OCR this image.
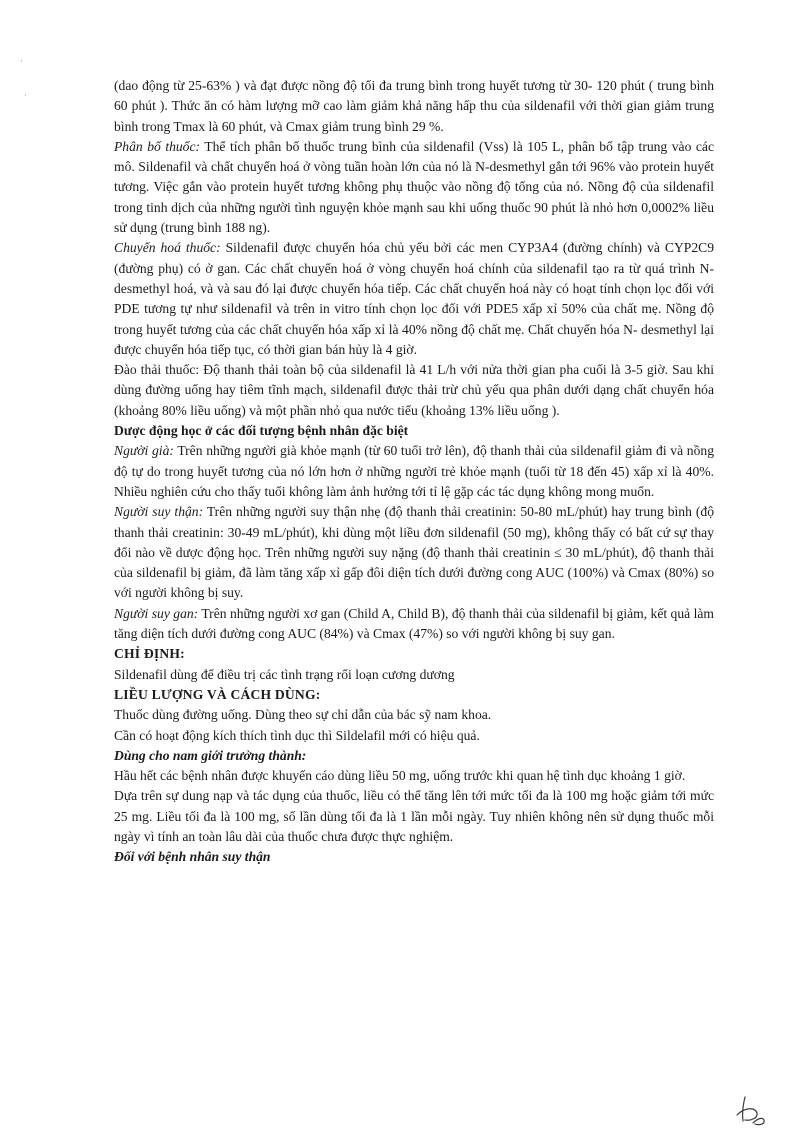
·
·

(dao động từ 25-63% ) và đạt được nồng độ tối đa trung bình trong huyết tương từ 30- 120 phút ( trung bình 60 phút ). Thức ăn có hàm lượng mỡ cao làm giảm khả năng hấp thu của sildenafil với thời gian giảm trung bình trong Tmax là 60 phút, và Cmax giảm trung bình 29 %.

Phân bố thuốc: Thể tích phân bố thuốc trung bình của sildenafil (Vss) là 105 L, phân bố tập trung vào các mô. Sildenafil và chất chuyển hoá ở vòng tuần hoàn lớn của nó là N-desmethyl gắn tới 96% vào protein huyết tương. Việc gắn vào protein huyết tương không phụ thuộc vào nồng độ tổng của nó. Nồng độ của sildenafil trong tinh dịch của những người tình nguyện khỏe mạnh sau khi uống thuốc 90 phút là nhỏ hơn 0,0002% liều sử dụng (trung bình 188 ng).

Chuyển hoá thuốc: Sildenafil được chuyển hóa chủ yếu bởi các men CYP3A4 (đường chính) và CYP2C9 (đường phụ) có ở gan. Các chất chuyển hoá ở vòng chuyển hoá chính của sildenafil tạo ra từ quá trình N-desmethyl hoá, và và sau đó lại được chuyển hóa tiếp. Các chất chuyển hoá này có hoạt tính chọn lọc đối với PDE tương tự như sildenafil và trên in vitro tính chọn lọc đối với PDE5 xấp xỉ 50% của chất mẹ. Nồng độ trong huyết tương của các chất chuyển hóa xấp xỉ là 40% nồng độ chất mẹ. Chất chuyển hóa N- desmethyl lại được chuyển hóa tiếp tục, có thời gian bán hủy là 4 giờ.

Đào thải thuốc: Độ thanh thải toàn bộ của sildenafil là 41 L/h với nửa thời gian pha cuối là 3-5 giờ. Sau khi dùng đường uống hay tiêm tĩnh mạch, sildenafil được thải trừ chủ yếu qua phân dưới dạng chất chuyển hóa (khoảng 80% liều uống) và một phần nhỏ qua nước tiểu (khoảng 13% liều uống ).

Dược động học ở các đối tượng bệnh nhân đặc biệt

Người già: Trên những người già khỏe mạnh (từ 60 tuổi trở lên), độ thanh thải của sildenafil giảm đi và nồng độ tự do trong huyết tương của nó lớn hơn ở những người trẻ khỏe mạnh (tuổi từ 18 đến 45) xấp xỉ là 40%. Nhiều nghiên cứu cho thấy tuổi không làm ảnh hưởng tới tỉ lệ gặp các tác dụng không mong muốn.

Người suy thận: Trên những người suy thận nhẹ (độ thanh thải creatinin: 50-80 mL/phút) hay trung bình (độ thanh thải creatinin: 30-49 mL/phút), khi dùng một liều đơn sildenafil (50 mg), không thấy có bất cứ sự thay đổi nào về dược động học. Trên những người suy nặng (độ thanh thải creatinin ≤ 30 mL/phút), độ thanh thải của sildenafil bị giảm, đã làm tăng xấp xỉ gấp đôi diện tích dưới đường cong AUC (100%) và Cmax (80%) so với người không bị suy.

Người suy gan: Trên những người xơ gan (Child A, Child B), độ thanh thải của sildenafil bị giảm, kết quả làm tăng diện tích dưới đường cong AUC (84%) và Cmax (47%) so với người không bị suy gan.

CHỈ ĐỊNH:

Sildenafil dùng để điều trị các tình trạng rối loạn cương dương

LIỀU LƯỢNG VÀ CÁCH DÙNG:

Thuốc dùng đường uống. Dùng theo sự chỉ dẫn của bác sỹ nam khoa.

Cần có hoạt động kích thích tình dục thì Sildelafil mới có hiệu quả.

Dùng cho nam giới trưởng thành:

Hầu hết các bệnh nhân được khuyến cáo dùng liều 50 mg, uống trước khi quan hệ tình dục khoảng 1 giờ.

Dựa trên sự dung nạp và tác dụng của thuốc, liều có thể tăng lên tới mức tối đa là 100 mg hoặc giảm tới mức 25 mg. Liều tối đa là 100 mg, số lần dùng tối đa là 1 lần mỗi ngày. Tuy nhiên không nên sử dụng thuốc mỗi ngày vì tính an toàn lâu dài của thuốc chưa được thực nghiệm.

Đối với bệnh nhân suy thận
